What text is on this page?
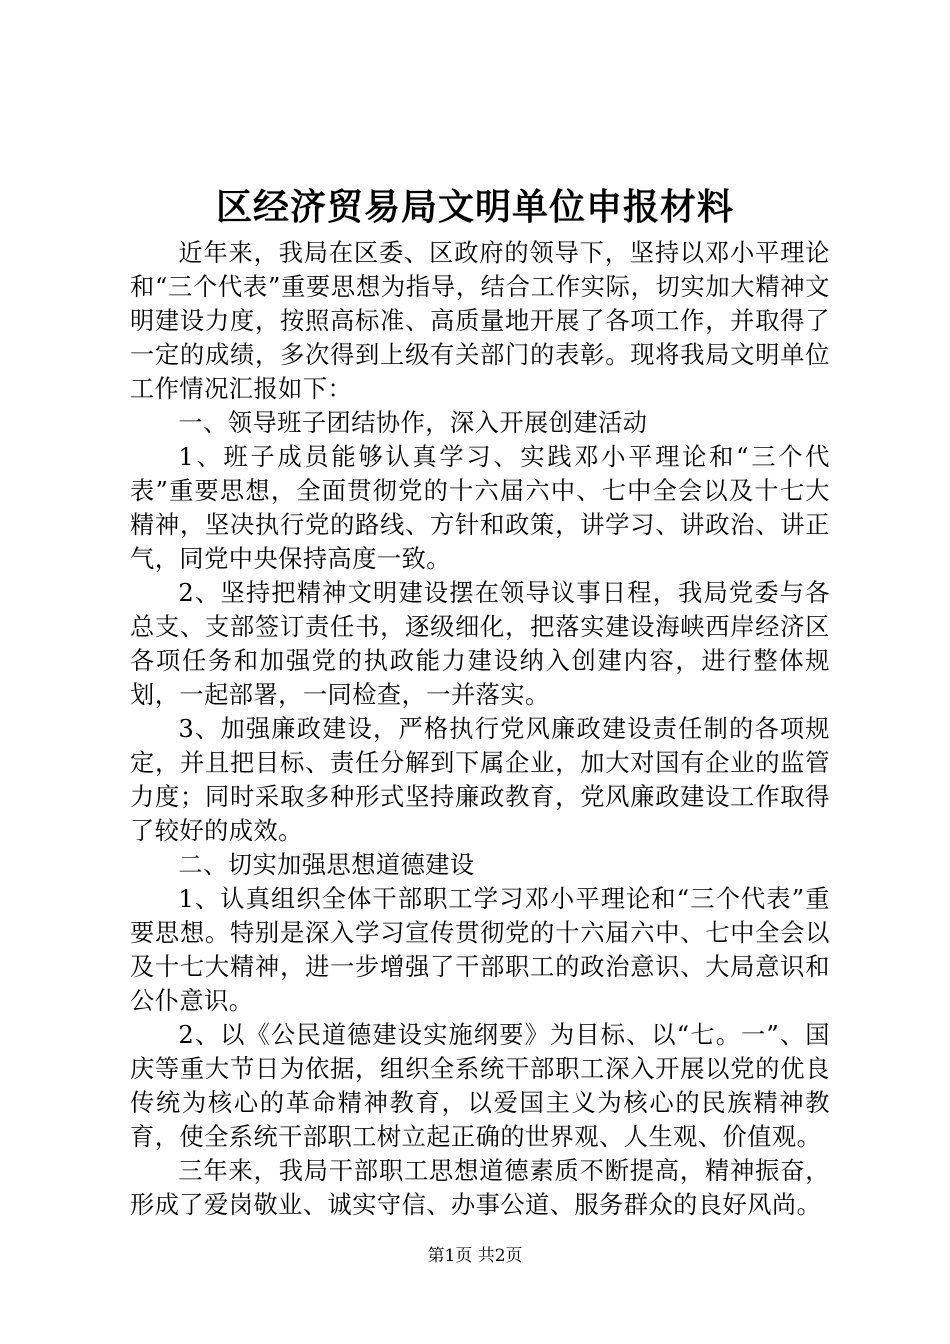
区经济贸易局文明单位申报材料

近年来，我局在区委、区政府的领导下，坚持以邓小平理论和“三个代表”重要思想为指导，结合工作实际，切实加大精神文明建设力度，按照高标准、高质量地开展了各项工作，并取得了一定的成绩，多次得到上级有关部门的表彰。现将我局文明单位工作情况汇报如下：

一、领导班子团结协作，深入开展创建活动

1、班子成员能够认真学习、实践邓小平理论和“三个代表”重要思想，全面贯彻党的十六届六中、七中全会以及十七大精神，坚决执行党的路线、方针和政策，讲学习、讲政治、讲正气，同党中央保持高度一致。

2、坚持把精神文明建设摆在领导议事日程，我局党委与各总支、支部签订责任书，逐级细化，把落实建设海峡西岸经济区各项任务和加强党的执政能力建设纳入创建内容，进行整体规划，一起部署，一同检查，一并落实。

3、加强廉政建设，严格执行党风廉政建设责任制的各项规定，并且把目标、责任分解到下属企业，加大对国有企业的监管力度；同时采取多种形式坚持廉政教育，党风廉政建设工作取得了较好的成效。

二、切实加强思想道德建设

1、认真组织全体干部职工学习邓小平理论和“三个代表”重要思想。特别是深入学习宣传贯彻党的十六届六中、七中全会以及十七大精神，进一步增强了干部职工的政治意识、大局意识和公仆意识。

2、以《公民道德建设实施纲要》为目标、以“七。一”、国庆等重大节日为依据，组织全系统干部职工深入开展以党的优良传统为核心的革命精神教育，以爱国主义为核心的民族精神教育，使全系统干部职工树立起正确的世界观、人生观、价值观。

三年来，我局干部职工思想道德素质不断提高，精神振奋，形成了爱岗敬业、诚实守信、办事公道、服务群众的良好风尚。

第1页 共2页
